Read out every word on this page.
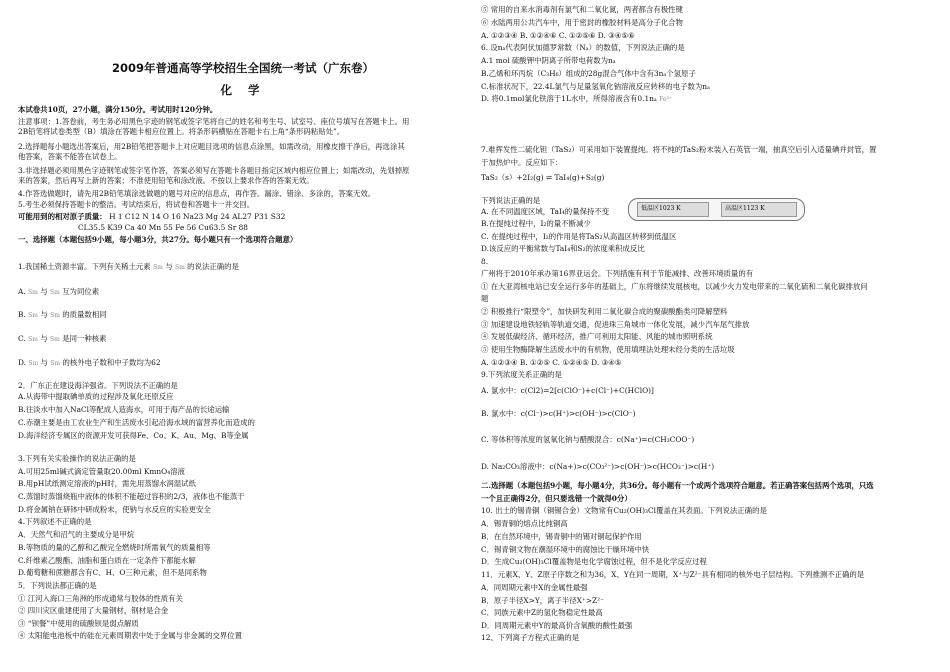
2009年普通高等学校招生全国统一考试（广东卷）
化 学
本试卷共10页，27小题，满分150分。考试用时120分钟。
注意事项：1.答卷前，考生务必用黑色字迹的钢笔或签字笔将自己的姓名和考生号、试室号、座位号填写在答题卡上。用
2B铅笔将试卷类型（B）填涂在答题卡相应位置上。将条形码横贴在答题卡右上角“条形码粘贴处”。
2.选择题每小题选出答案后，用2B铅笔把答题卡上对应题目选项的信息点涂黑，如需改动，用橡皮擦干净后，再选涂其
他答案，答案不能答在试卷上。
3.非选择题必须用黑色字迹钢笔或签字笔作答，答案必须写在答题卡各题目指定区域内相应位置上；如需改动，先划掉原
来的答案，然后再写上新的答案；不准使用铅笔和涂改液。不按以上要求作答的答案无效。
4.作答选做题时，请先用2B铅笔填涂选做题的题号对应的信息点，再作答。漏涂、错涂、多涂的，答案无效。
5.考生必须保持答题卡的整洁。考试结束后，将试卷和答题卡一并交回。
可能用到的相对原子质量： H 1 C12 N 14 O 16 Na23 Mg 24 AL27 P31 S32
CL35.5 K39 Ca 40 Mn 55 Fe 56 Cu63.5 Sr 88
一、选择题（本题包括9小题，每小题3分，共27分。每小题只有一个选项符合题意）
1.我国稀土资源丰富。下列有关稀土元素 Sm 与 Sm 的说法正确的是
A. Sm 与 Sm 互为同位素
B. Sm 与 Sm 的质量数相同
C. Sm 与 Sm 是同一种核素
D. Sm 与 Sm 的核外电子数和中子数均为62
2．广东正在建设海洋强省。下列说法不正确的是
A.从海带中提取碘单质的过程涉及氧化还原反应
B.往淡水中加入NaCl等配成人造海水，可用于海产品的长途运输
C.赤潮主要是由工农业生产和生活废水引起沿海水域的富营养化而造成的
D.海洋经济专属区的资源开发可获得Fe、Co、K、Au、Mg、B等金属
3.下列有关实验操作的说法正确的是
A.可用25ml碱式滴定管量取20.00ml KmnO₄溶液
B.用pH试纸测定溶液的pH时，需先用蒸馏水润湿试纸
C.蒸馏时蒸馏烧瓶中液体的体积不能超过容积的2/3，液体也不能蒸干
D.将金属钠在研钵中研成粉末，使钠与水反应的实验更安全
4.下列叙述不正确的是
A．天然气和沼气的主要成分是甲烷
B.等物质的量的乙醇和乙酸完全燃烧时所需氧气的质量相等
C.纤维素乙酸酯、油脂和蛋白质在一定条件下都能水解
D.葡萄糖和蔗糖都含有C、H、O三种元素，但不是同系物
5．下列说法都正确的是
① 江河入海口三角洲的形成通常与胶体的性质有关
② 四川灾区重建使用了大量钢材，钢材是合金
③ “钡餐”中使用的硫酸钡是弱点解质
④ 太阳能电池板中的硅在元素周期表中处于金属与非金属的交界位置
⑤ 常用的自来水消毒剂有氯气和二氧化氮，两者都含有极性键
⑥ 水陆两用公共汽车中，用于密封的橡胶材料是高分子化合物
A. ①②③④ B. ①②④⑥ C. ①②⑤⑥ D. ③④⑤⑥
6. 设nₐ代表阿伏加德罗常数（Nₐ）的数值，下列说法正确的是
A.1 mol 硫酸钾中阴离子所带电荷数为nₐ
B.乙烯和环丙烷（C₃H₆）组成的28g混合气体中含有3nₐ个氢原子
C.标准状况下，22.4L氯气与足量氢氧化钠溶液反应转移的电子数为nₐ
D. 将0.1mol氯化铁溶于1L水中，所得溶液含有0.1nₐ Fe³⁺
7.难挥发性二硫化钽（TaS₂）可采用如下装置提纯。将不纯的TaS₂粉末装入石英管一端，抽真空后引入适量碘并封管，置
于加热炉中。反应如下：
TaS₂（s）+2I₂(g) ⇌ TaI₄(g)+S₂(g)
低温区1023 K	高温区1123 K
下列说法正确的是
A. 在不同温度区域，TaI₄的量保持不变
B.在提纯过程中，I₂的量不断减少
C. 在提纯过程中，I₂的作用是将TaS₂从高温区转移到低温区
D.该反应的平衡常数与TaI₄和S₂的浓度乘积成反比
8.
广州将于2010年承办第16界亚运会。下列措施有利于节能减排、改善环境质量的有
① 在大亚湾核电站已安全运行多年的基础上，广东将继续发展核电，以减少火力发电带来的二氧化硫和二氧化碳排放问
题
② 积极推行“限塑令”，加快研发利用二氧化碳合成的聚碳酸酯类可降解塑料
③ 加速建设地铁轻轨等轨道交通，促进珠三角城市一体化发展，减少汽车尾气排放
④ 发展低碳经济、循环经济，推广可利用太阳能、风能的城市照明系统
⑤ 使用生物酶降解生活废水中的有机物，使用填埋法处理未经分类的生活垃圾
A. ①②③④ B. ①②⑤ C. ①②④⑤ D. ③④⑤
9.下列浓度关系正确的是
A. 氯水中：c(Cl2)=2[c(ClO⁻)+c(Cl⁻)+C(HClO)]
B. 氯水中：c(Cl⁻)>c(H⁺)>c(OH⁻)>c(ClO⁻)
C. 等体积等浓度的氢氧化钠与醋酸混合：c(Na⁺)=c(CH₃COO⁻)
D. Na₂CO₃溶液中：c(Na+)>c(CO₃²⁻)>c(OH⁻)>c(HCO₃⁻)>c(H⁺)
二.选择题（本题包括9小题，每小题4分，共36分。每小题有一个或两个选项符合题意。若正确答案包括两个选项，只选
一个且正确得2分，但只要选错一个就得0分）
10. 出土的锡青铜（铜锡合金）文物常有Cu₂(OH)₃Cl覆盖在其表面。下列说法正确的是
A．锡青铜的熔点比纯铜高
B．在自然环境中，锡青铜中的锡对铜起保护作用
C．锡青铜文物在潮湿环境中的腐蚀比干燥环境中快
D．生成Cu₂(OH)₃Cl覆盖物是电化学腐蚀过程，但不是化学反应过程
11．元素X、Y、Z原子序数之和为36，X、Y在同一周期，X⁺与Z²⁻具有相同的核外电子层结构。下列推测不正确的是
A．同周期元素中X的金属性最强
B．原子半径X>Y，离子半径X⁺>Z²⁻
C．同族元素中Z的氢化物稳定性最高
D．同周期元素中Y的最高价含氧酸的酸性最强
12、下列离子方程式正确的是
